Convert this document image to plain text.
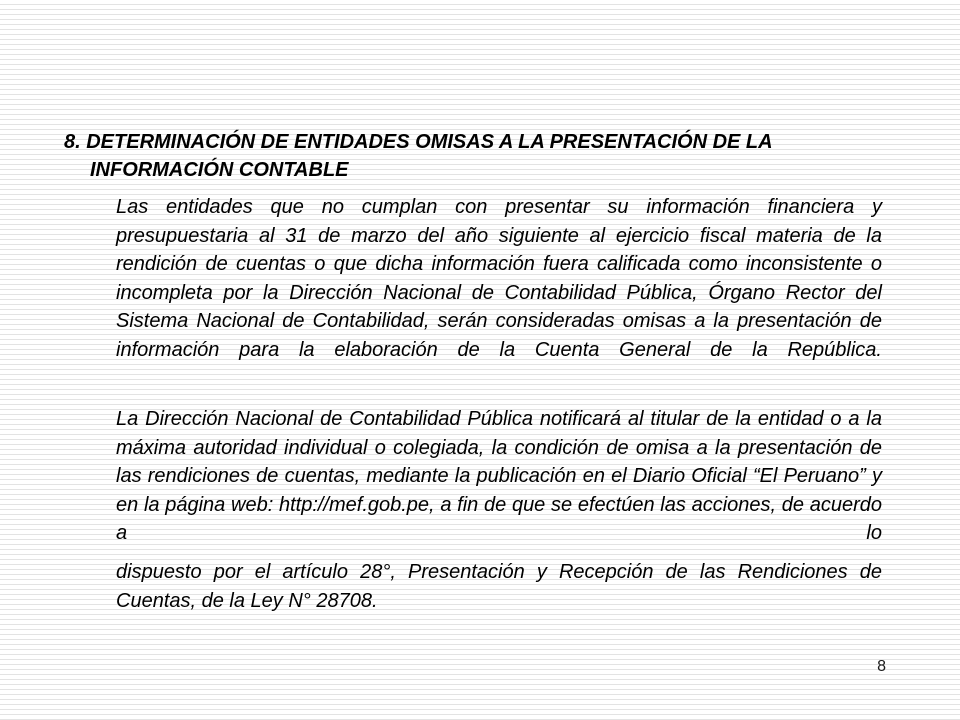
8. DETERMINACIÓN DE ENTIDADES OMISAS A LA PRESENTACIÓN DE LA INFORMACIÓN CONTABLE

Las entidades que no cumplan con presentar su información financiera y presupuestaria al 31 de marzo del año siguiente al ejercicio fiscal materia de la rendición de cuentas o que dicha información fuera calificada como inconsistente o incompleta por la Dirección Nacional de Contabilidad Pública, Órgano Rector del Sistema Nacional de Contabilidad, serán consideradas omisas a la presentación de información para la elaboración de la Cuenta General de la República.

La Dirección Nacional de Contabilidad Pública notificará al titular de la entidad o a la máxima autoridad individual o colegiada, la condición de omisa a la presentación de las rendiciones de cuentas, mediante la publicación en el Diario Oficial “El Peruano” y en la página web: http://mef.gob.pe, a fin de que se efectúen las acciones, de acuerdo a lo

dispuesto por el artículo 28°, Presentación y Recepción de las Rendiciones de Cuentas, de la Ley N° 28708.

8
